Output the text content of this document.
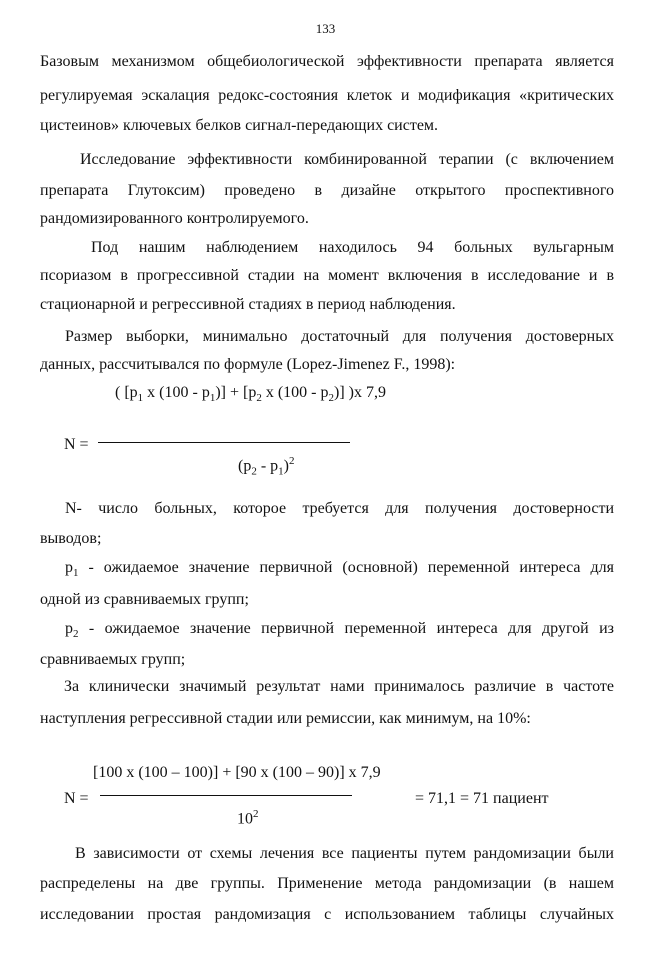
133
Базовым механизмом общебиологической эффективности препарата является
регулируемая эскалация редокс-состояния клеток и модификация «критических
цистеинов» ключевых белков сигнал-передающих систем.
Исследование эффективности комбинированной терапии (с включением
препарата Глутоксим) проведено в дизайне открытого проспективного
рандомизированного контролируемого.
Под нашим наблюдением находилось 94 больных вульгарным
псориазом в прогрессивной стадии на момент включения в исследование и в
стационарной и регрессивной стадиях в период наблюдения.
Размер выборки, минимально достаточный для получения достоверных
данных, рассчитывался по формуле (Lopez-Jimenez F., 1998):
N =
( [$p_1$ x $(100 - p_1)] + [p_2$ x $(100 - p_2)$] )x 7,9
$(p_2 - p_1)^2$
N- число больных, которое требуется для получения достоверности
выводов;
$p_1$ - ожидаемое значение первичной (основной) переменной интереса для
одной из сравниваемых групп;
$p_2$ - ожидаемое значение первичной переменной интереса для другой из
сравниваемых групп;
За клинически значимый результат нами принималось различие в частоте
наступления регрессивной стадии или ремиссии, как минимум, на 10%:
N =
[100 x (100 – 100)] + [90 x (100 – 90)] x 7,9
$10^2$
= 71,1 = 71 пациент
В зависимости от схемы лечения все пациенты путем рандомизации были
распределены на две группы. Применение метода рандомизации (в нашем
исследовании простая рандомизация с использованием таблицы случайных
